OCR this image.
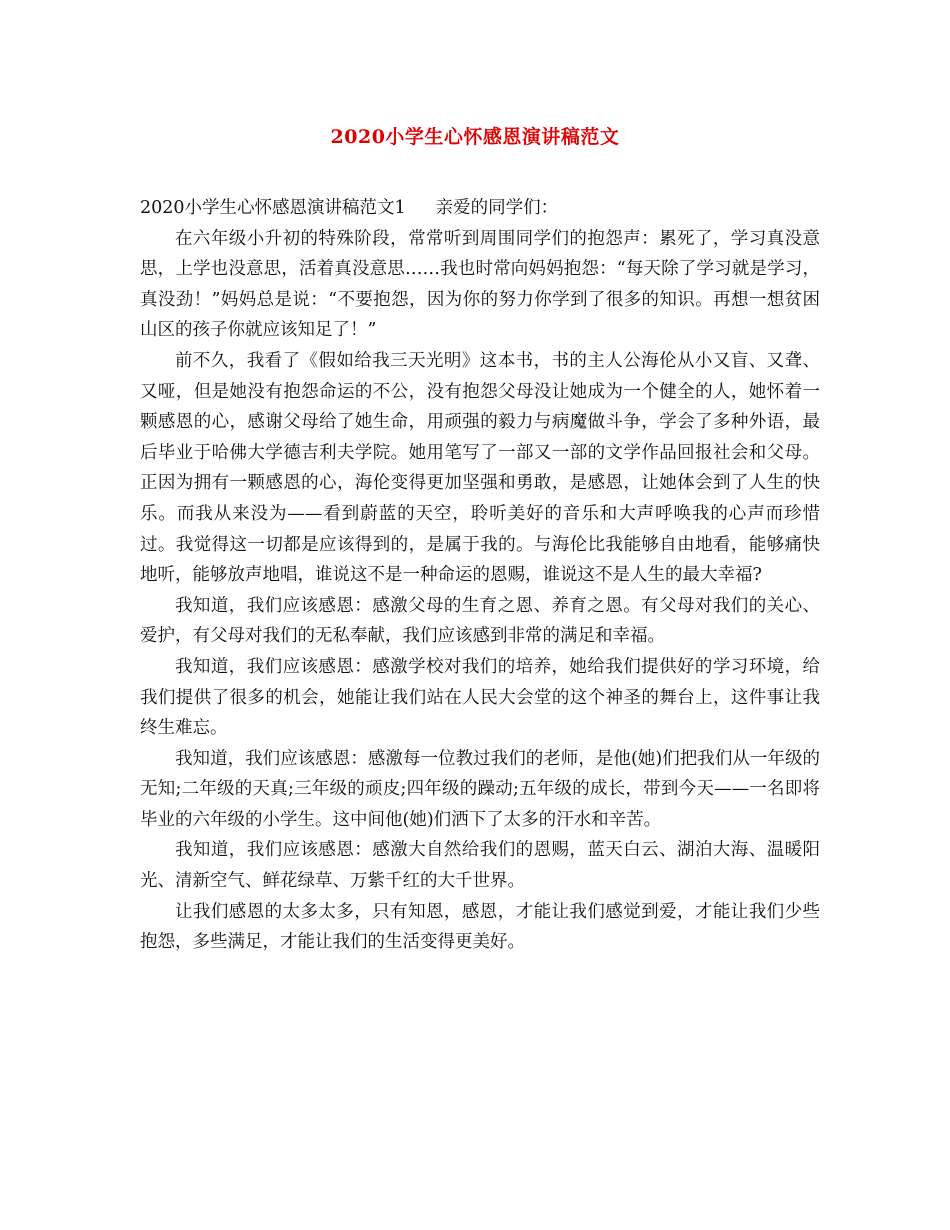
2020小学生心怀感恩演讲稿范文

2020小学生心怀感恩演讲稿范文1 亲爱的同学们：

在六年级小升初的特殊阶段，常常听到周围同学们的抱怨声：累死了，学习真没意思，上学也没意思，活着真没意思……我也时常向妈妈抱怨：“每天除了学习就是学习，真没劲！”妈妈总是说：“不要抱怨，因为你的努力你学到了很多的知识。再想一想贫困山区的孩子你就应该知足了！”

前不久，我看了《假如给我三天光明》这本书，书的主人公海伦从小又盲、又聋、又哑，但是她没有抱怨命运的不公，没有抱怨父母没让她成为一个健全的人，她怀着一颗感恩的心，感谢父母给了她生命，用顽强的毅力与病魔做斗争，学会了多种外语，最后毕业于哈佛大学德吉利夫学院。她用笔写了一部又一部的文学作品回报社会和父母。正因为拥有一颗感恩的心，海伦变得更加坚强和勇敢，是感恩，让她体会到了人生的快乐。而我从来没为——看到蔚蓝的天空，聆听美好的音乐和大声呼唤我的心声而珍惜过。我觉得这一切都是应该得到的，是属于我的。与海伦比我能够自由地看，能够痛快地听，能够放声地唱，谁说这不是一种命运的恩赐，谁说这不是人生的最大幸福?

我知道，我们应该感恩：感激父母的生育之恩、养育之恩。有父母对我们的关心、爱护，有父母对我们的无私奉献，我们应该感到非常的满足和幸福。

我知道，我们应该感恩：感激学校对我们的培养，她给我们提供好的学习环境，给我们提供了很多的机会，她能让我们站在人民大会堂的这个神圣的舞台上，这件事让我终生难忘。

我知道，我们应该感恩：感激每一位教过我们的老师，是他(她)们把我们从一年级的无知;二年级的天真;三年级的顽皮;四年级的躁动;五年级的成长，带到今天——一名即将毕业的六年级的小学生。这中间他(她)们洒下了太多的汗水和辛苦。

我知道，我们应该感恩：感激大自然给我们的恩赐，蓝天白云、湖泊大海、温暖阳光、清新空气、鲜花绿草、万紫千红的大千世界。

让我们感恩的太多太多，只有知恩，感恩，才能让我们感觉到爱，才能让我们少些抱怨，多些满足，才能让我们的生活变得更美好。
